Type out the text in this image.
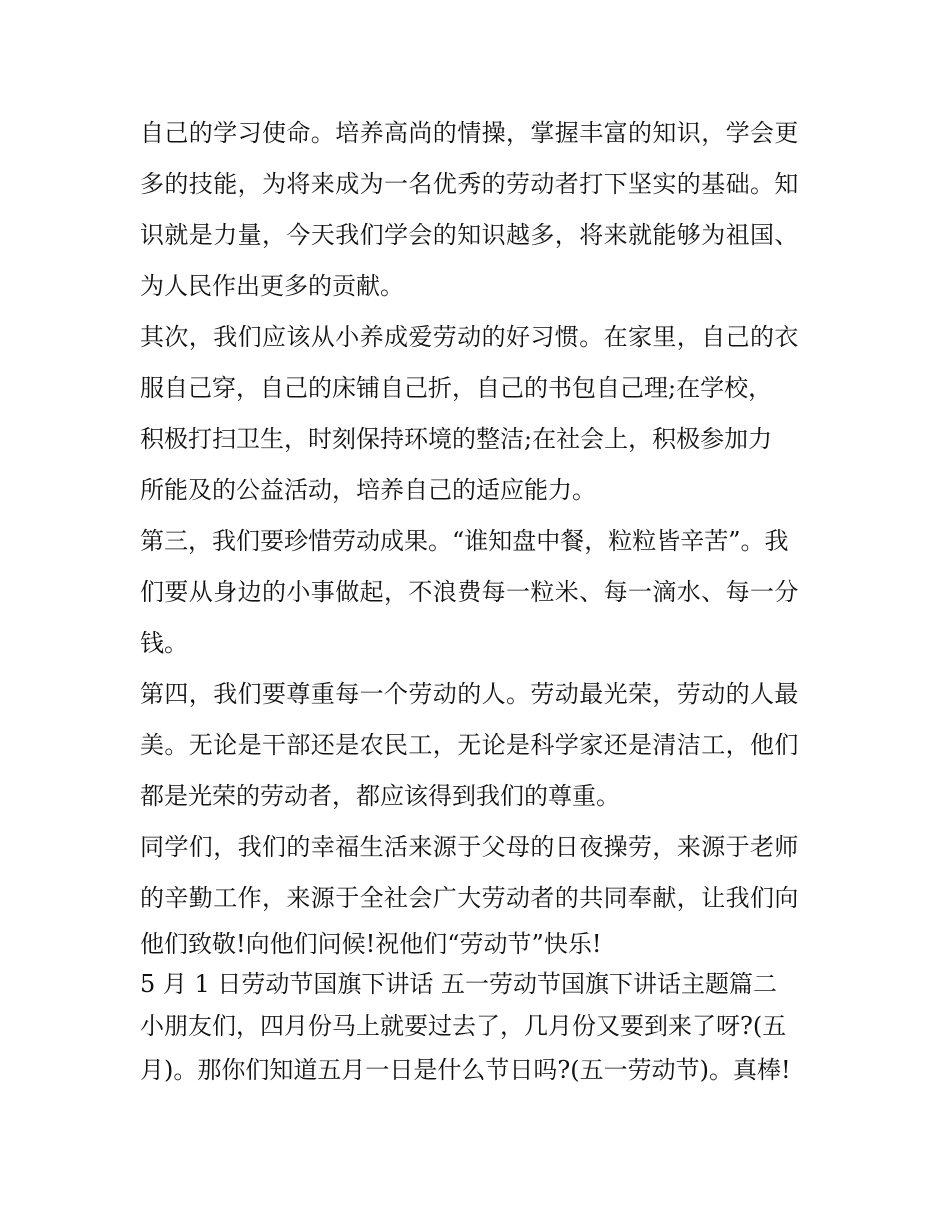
自己的学习使命。培养高尚的情操，掌握丰富的知识，学会更
多的技能，为将来成为一名优秀的劳动者打下坚实的基础。知
识就是力量，今天我们学会的知识越多，将来就能够为祖国、
为人民作出更多的贡献。
其次，我们应该从小养成爱劳动的好习惯。在家里，自己的衣
服自己穿，自己的床铺自己折，自己的书包自己理;在学校，
积极打扫卫生，时刻保持环境的整洁;在社会上，积极参加力
所能及的公益活动，培养自己的适应能力。
第三，我们要珍惜劳动成果。“谁知盘中餐，粒粒皆辛苦”。我
们要从身边的小事做起，不浪费每一粒米、每一滴水、每一分
钱。
第四，我们要尊重每一个劳动的人。劳动最光荣，劳动的人最
美。无论是干部还是农民工，无论是科学家还是清洁工，他们
都是光荣的劳动者，都应该得到我们的尊重。
同学们，我们的幸福生活来源于父母的日夜操劳，来源于老师
的辛勤工作，来源于全社会广大劳动者的共同奉献，让我们向
他们致敬!向他们问候!祝他们“劳动节”快乐!
5 月 1 日劳动节国旗下讲话 五一劳动节国旗下讲话主题篇二
小朋友们，四月份马上就要过去了，几月份又要到来了呀?(五
月)。那你们知道五月一日是什么节日吗?(五一劳动节)。真棒!
